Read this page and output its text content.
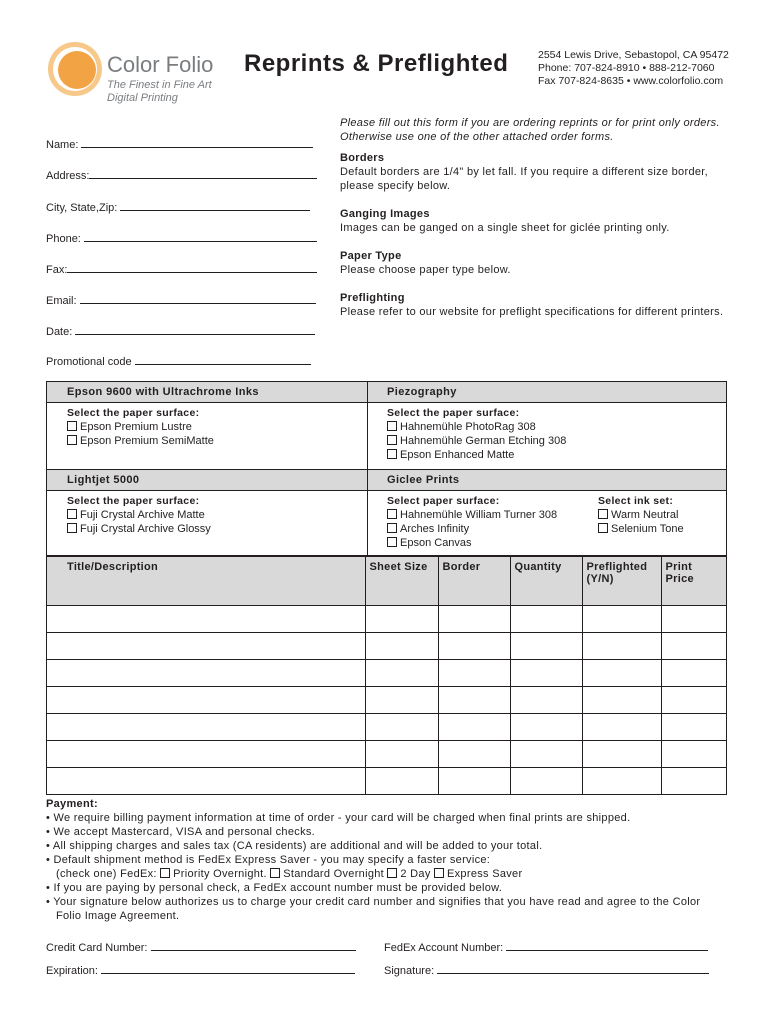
Color Folio
The Finest in Fine Art
Digital Printing
Reprints & Preflighted	2554 Lewis Drive, Sebastopol, CA 95472
Phone: 707-824-8910 • 888-212-7060
Fax 707-824-8635 • www.colorfolio.com
Name:
Address:
City, State,Zip:
Phone:
Fax:
Email:
Date:
Promotional code
Please fill out this form if you are ordering reprints or for print only orders. Otherwise use one of the other attached order forms.
Borders
Default borders are 1/4" by let fall. If you require a different size border, please specify below.
Ganging Images
Images can be ganged on a single sheet for giclée printing only.
Paper Type
Please choose paper type below.
Preflighting
Please refer to our website for preflight specifications for different printers.
Epson 9600 with Ultrachrome Inks	Piezography
Select the paper surface:
Epson Premium Lustre
Epson Premium SemiMatte
Select the paper surface:
Hahnemühle PhotoRag 308
Hahnemühle German Etching 308
Epson Enhanced Matte
Lightjet 5000	Giclee Prints
Select the paper surface:
Fuji Crystal Archive Matte
Fuji Crystal Archive Glossy
Select paper surface:
Hahnemühle William Turner 308
Arches Infinity
Epson Canvas
Select ink set:
Warm Neutral
Selenium Tone
Title/Description	Sheet Size	Border	Quantity	Preflighted (Y/N)	Print Price

Payment:
• We require billing payment information at time of order - your card will be charged when final prints are shipped.
• We accept Mastercard, VISA and personal checks.
• All shipping charges and sales tax (CA residents) are additional and will be added to your total.
• Default shipment method is FedEx Express Saver - you may specify a faster service:
(check one) FedEx: Priority Overnight. Standard Overnight 2 Day Express Saver
• If you are paying by personal check, a FedEx account number must be provided below.
• Your signature below authorizes us to charge your credit card number and signifies that you have read and agree to the Color Folio Image Agreement.
Credit Card Number:	FedEx Account Number:
Expiration:	Signature:
